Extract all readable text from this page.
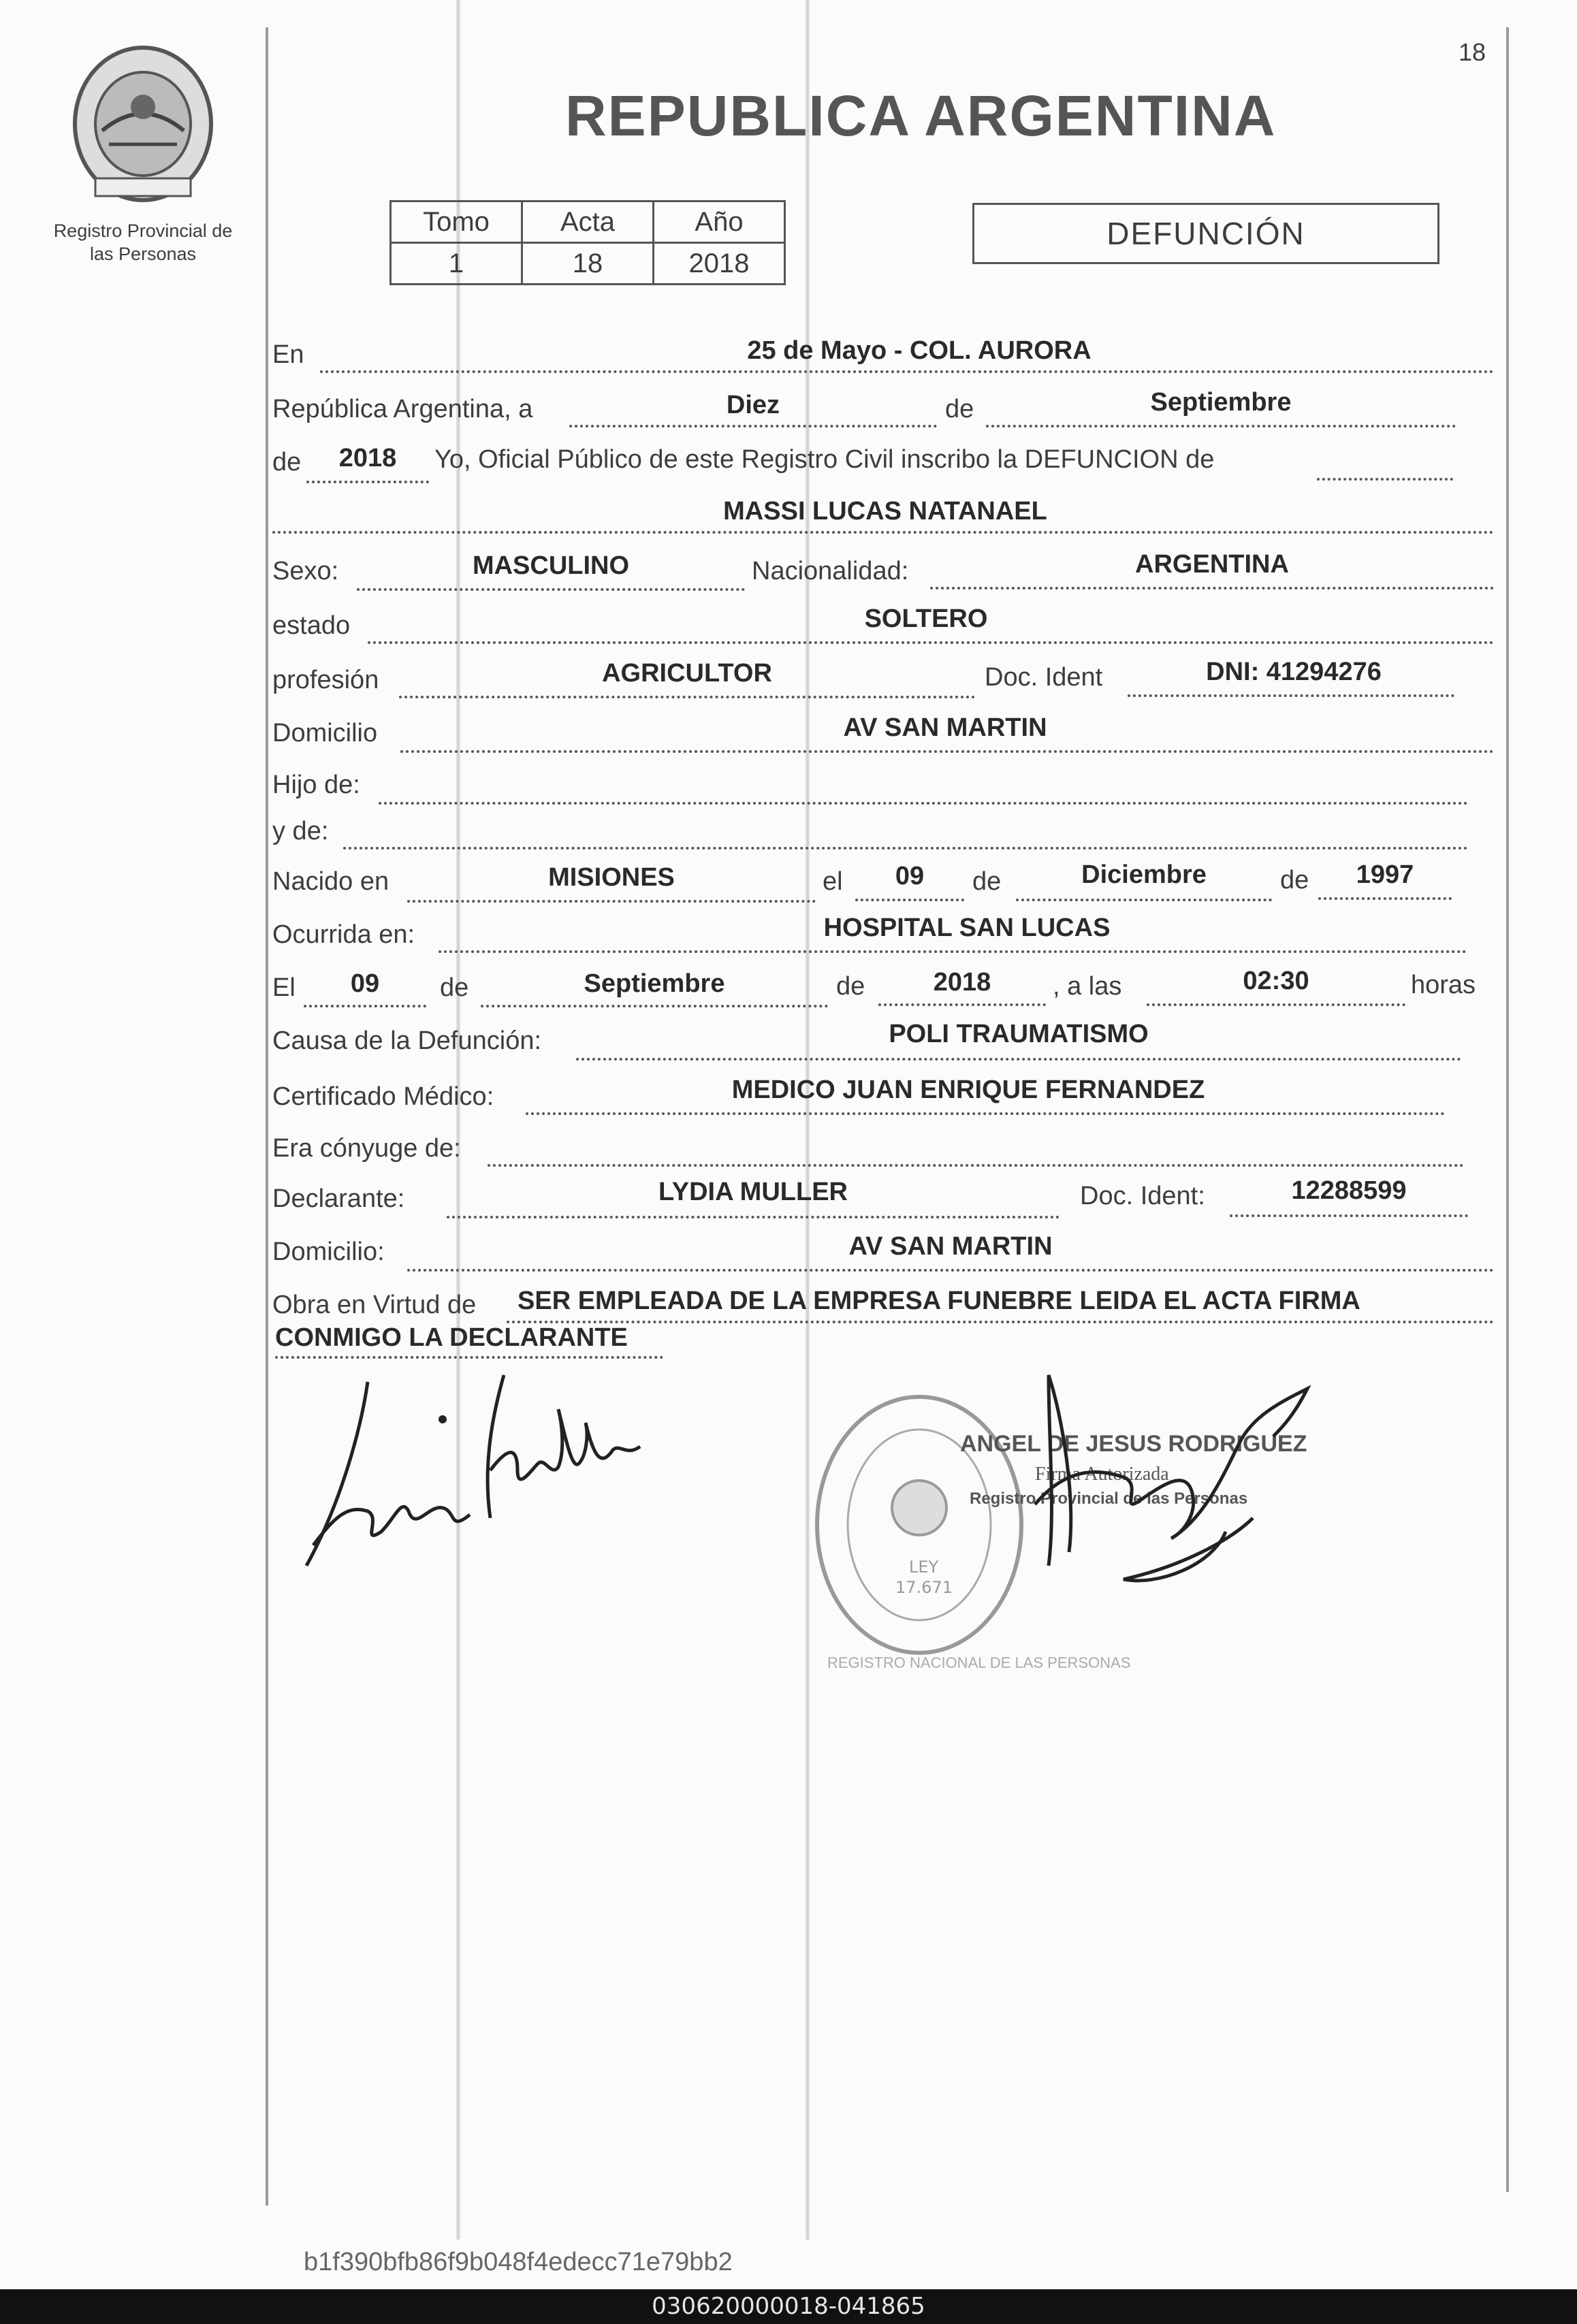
18
Registro Provincial de
las Personas
REPUBLICA ARGENTINA
Tomo	Acta	Año
1	18	2018
DEFUNCIÓN
En	25 de Mayo - COL. AURORA
República Argentina, a	Diez	de	Septiembre
de	2018	Yo, Oficial Público de este Registro Civil inscribo la DEFUNCION de
MASSI LUCAS NATANAEL
Sexo:	MASCULINO	Nacionalidad:	ARGENTINA
estado	SOLTERO
profesión	AGRICULTOR	Doc. Ident	DNI: 41294276
Domicilio	AV SAN MARTIN
Hijo de:
y de:
Nacido en	MISIONES	el	09	de	Diciembre	de	1997
Ocurrida en:	HOSPITAL SAN LUCAS
El	09	de	Septiembre	de	2018	, a las	02:30	horas
Causa de la Defunción:	POLI TRAUMATISMO
Certificado Médico:	MEDICO JUAN ENRIQUE FERNANDEZ
Era cónyuge de:
Declarante:	LYDIA MULLER	Doc. Ident:	12288599
Domicilio:	AV SAN MARTIN
Obra en Virtud de SER EMPLEADA DE LA EMPRESA FUNEBRE LEIDA EL ACTA FIRMA
CONMIGO LA DECLARANTE
LEY
17.671
REGISTRO NACIONAL DE LAS PERSONAS
ANGEL DE JESUS RODRIGUEZ
Firma Autorizada
Registro Provincial de las Personas
b1f390bfb86f9b048f4edecc71e79bb2
030620000018-041865
